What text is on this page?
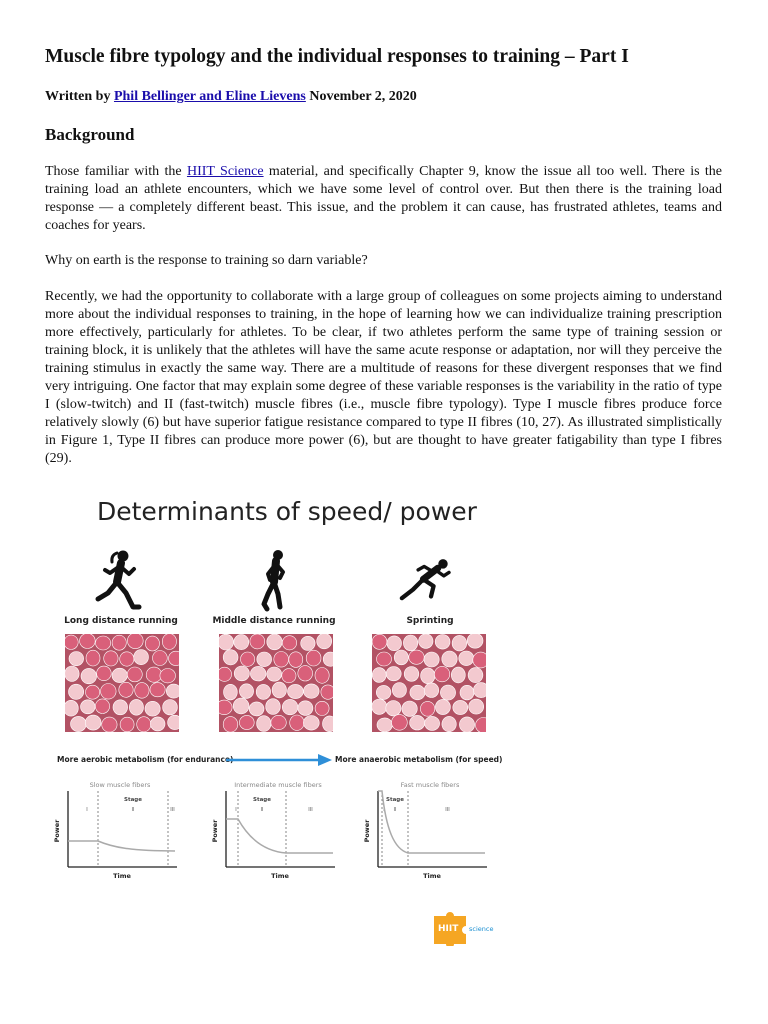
Muscle fibre typology and the individual responses to training – Part I

Written by Phil Bellinger and Eline Lievens November 2, 2020

Background

Those familiar with the HIIT Science material, and specifically Chapter 9, know the issue all too well. There is the training load an athlete encounters, which we have some level of control over. But then there is the training load response — a completely different beast. This issue, and the problem it can cause, has frustrated athletes, teams and coaches for years.

Why on earth is the response to training so darn variable?

Recently, we had the opportunity to collaborate with a large group of colleagues on some projects aiming to understand more about the individual responses to training, in the hope of learning how we can individualize training prescription more effectively, particularly for athletes. To be clear, if two athletes perform the same type of training session or training block, it is unlikely that the athletes will have the same acute response or adaptation, nor will they perceive the training stimulus in exactly the same way. There are a multitude of reasons for these divergent responses that we find very intriguing. One factor that may explain some degree of these variable responses is the variability in the ratio of type I (slow-twitch) and II (fast-twitch) muscle fibres (i.e., muscle fibre typology). Type I muscle fibres produce force relatively slowly (6) but have superior fatigue resistance compared to type II fibres (10, 27). As illustrated simplistically in Figure 1, Type II fibres can produce more power (6), but are thought to have greater fatigability than type I fibres (29).

Determinants of speed/ power

Long distance running	Middle distance running	Sprinting

More aerobic metabolism (for endurance)	More anaerobic metabolism (for speed)

Slow muscle fibers
Stage
I	II	III
Power
Time
Intermediate muscle fibers
Stage
I	II	III
Power
Time
Fast muscle fibers
Stage
I II	III
Power
Time
HIIT science
